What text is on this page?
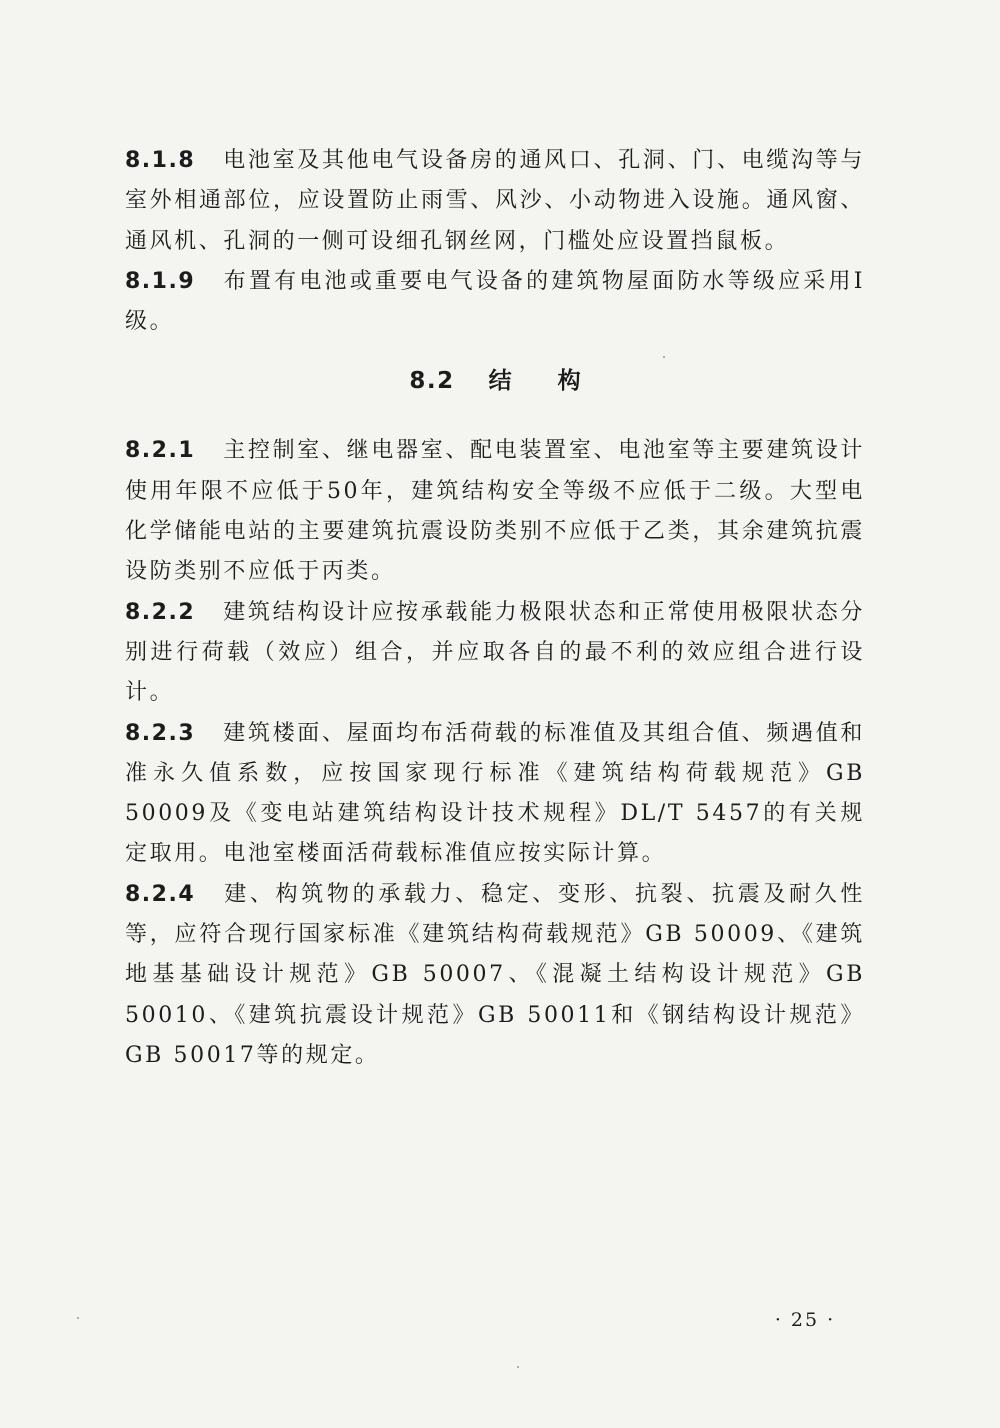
8.1.8 电池室及其他电气设备房的通风口、孔洞、门、电缆沟等与室外相通部位，应设置防止雨雪、风沙、小动物进入设施。通风窗、通风机、孔洞的一侧可设细孔钢丝网，门槛处应设置挡鼠板。

8.1.9 布置有电池或重要电气设备的建筑物屋面防水等级应采用Ⅰ级。

8.2 结构

8.2.1 主控制室、继电器室、配电装置室、电池室等主要建筑设计使用年限不应低于50年，建筑结构安全等级不应低于二级。大型电化学储能电站的主要建筑抗震设防类别不应低于乙类，其余建筑抗震设防类别不应低于丙类。

8.2.2 建筑结构设计应按承载能力极限状态和正常使用极限状态分别进行荷载（效应）组合，并应取各自的最不利的效应组合进行设计。

8.2.3 建筑楼面、屋面均布活荷载的标准值及其组合值、频遇值和准永久值系数，应按国家现行标准《建筑结构荷载规范》GB 50009及《变电站建筑结构设计技术规程》DL/T 5457的有关规定取用。电池室楼面活荷载标准值应按实际计算。

8.2.4 建、构筑物的承载力、稳定、变形、抗裂、抗震及耐久性等，应符合现行国家标准《建筑结构荷载规范》GB 50009、《建筑地基基础设计规范》GB 50007、《混凝土结构设计规范》GB 50010、《建筑抗震设计规范》GB 50011和《钢结构设计规范》GB 50017等的规定。

· 25 ·
